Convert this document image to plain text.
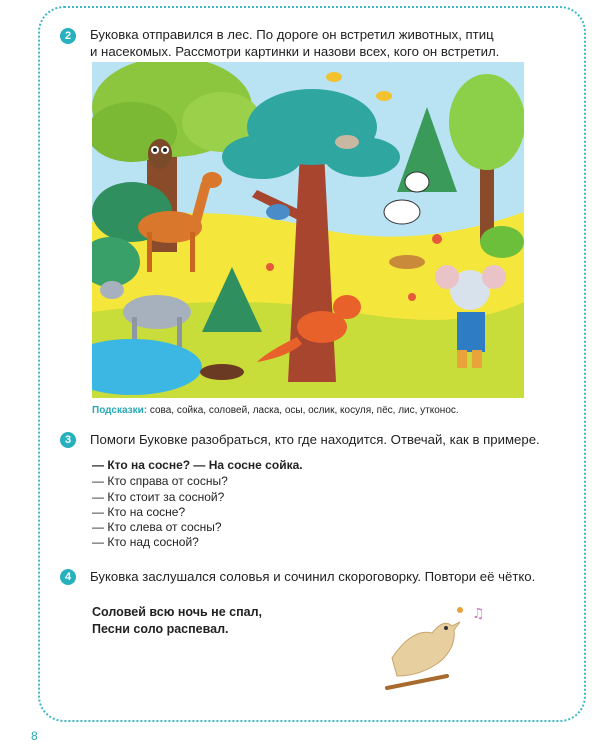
2	Буковка отправился в лес. По дороге он встретил животных, птиц
и насекомых. Рассмотри картинки и назови всех, кого он встретил.
Подсказки: сова, сойка, соловей, ласка, осы, ослик, косуля, пёс, лис, утконос.
3	Помоги Буковке разобраться, кто где находится. Отвечай, как в примере.
— Кто на сосне? — На сосне сойка.
— Кто справа от сосны?
— Кто стоит за сосной?
— Кто на сосне?
— Кто слева от сосны?
— Кто над сосной?
4	Буковка заслушался соловья и сочинил скороговорку. Повтори её чётко.
Соловей всю ночь не спал,
Песни соло распевал.
♫
8
